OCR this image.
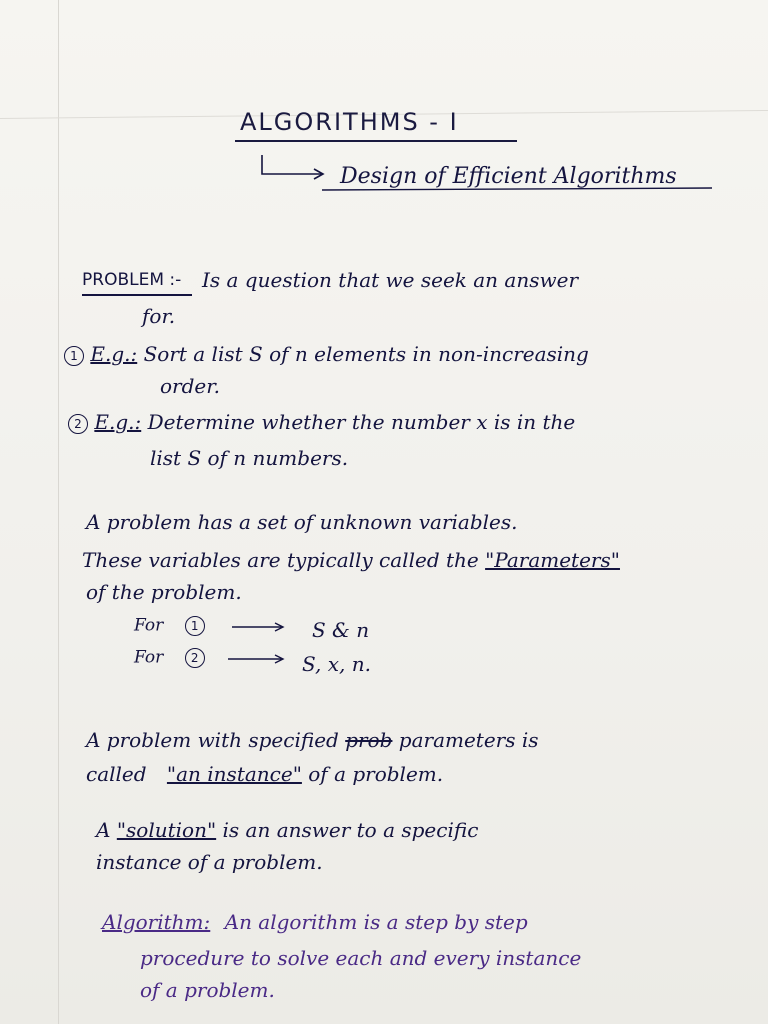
ALGORITHMS - I
Design of Efficient Algorithms
PROBLEM :- Is a question that we seek an answer
for.
1 E.g.: Sort a list S of n elements in non-increasing
order.
2 E.g.: Determine whether the number x is in the
list S of n numbers.
A problem has a set of unknown variables.
These variables are typically called the "Parameters"
of the problem.
For 1	S & n
For 2	S, x, n.
A problem with specified prob parameters is
called "an instance" of a problem.
A "solution" is an answer to a specific
instance of a problem.
Algorithm: An algorithm is a step by step
procedure to solve each and every instance
of a problem.
